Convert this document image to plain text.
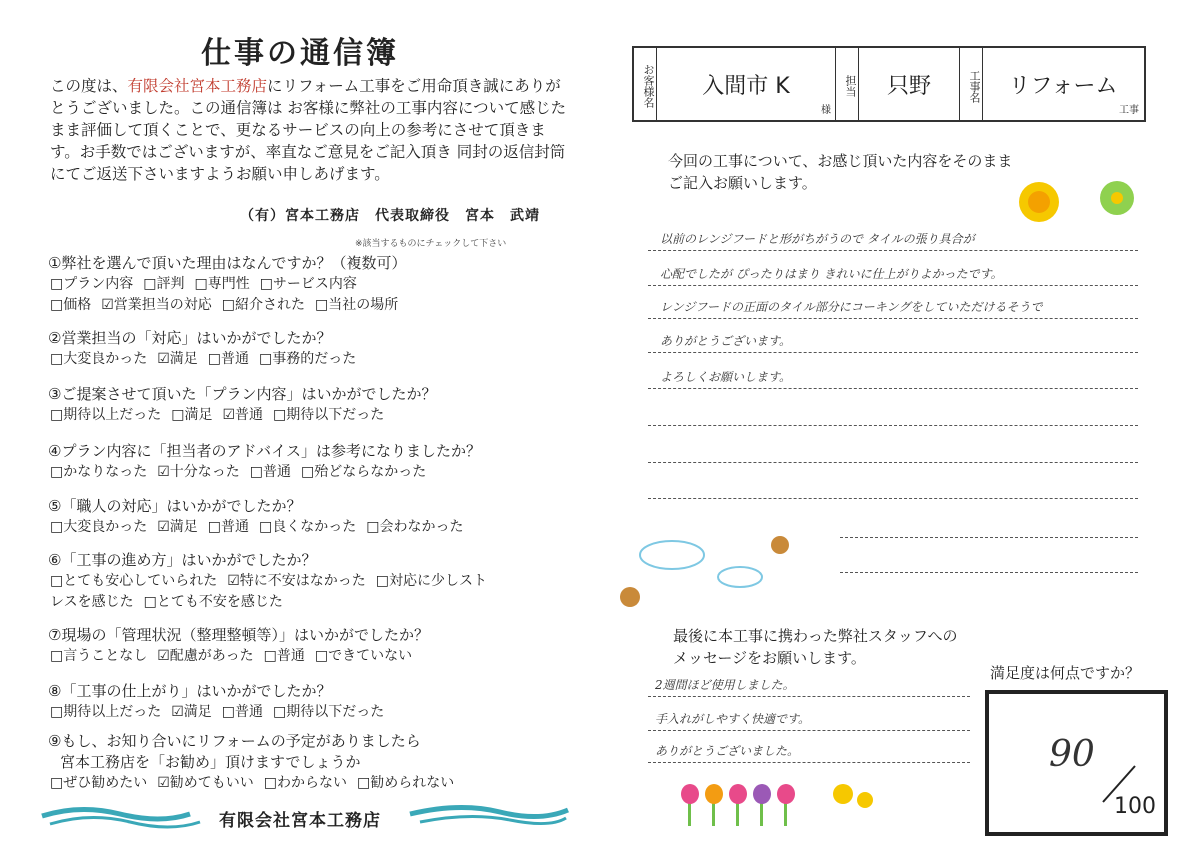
仕事の通信簿
この度は、有限会社宮本工務店にリフォーム工事をご用命頂き誠にありがとうございました。この通信簿は お客様に弊社の工事内容について感じたまま評価して頂くことで、更なるサービスの向上の参考にさせて頂きます。お手数ではございますが、率直なご意見をご記入頂き 同封の返信封筒にてご返送下さいますようお願い申しあげます。
（有）宮本工務店　代表取締役　宮本　武靖
※該当するものにチェックして下さい
①弊社を選んで頂いた理由はなんですか？（複数可）
□プラン内容 □評判 □専門性 □サービス内容
□価格 ☑営業担当の対応 □紹介された □当社の場所
②営業担当の「対応」はいかがでしたか？
□大変良かった ☑満足 □普通 □事務的だった
③ご提案させて頂いた「プラン内容」はいかがでしたか？
□期待以上だった □満足 ☑普通 □期待以下だった
④プラン内容に「担当者のアドバイス」は参考になりましたか？
□かなりなった ☑十分なった □普通 □殆どならなかった
⑤「職人の対応」はいかがでしたか？
□大変良かった ☑満足 □普通 □良くなかった □会わなかった
⑥「工事の進め方」はいかがでしたか？
□とても安心していられた ☑特に不安はなかった □対応に少しスト
レスを感じた □とても不安を感じた
⑦現場の「管理状況（整理整頓等）」はいかがでしたか？
□言うことなし ☑配慮があった □普通 □できていない
⑧「工事の仕上がり」はいかがでしたか？
□期待以上だった ☑満足 □普通 □期待以下だった
⑨もし、お知り合いにリフォームの予定がありましたら
宮本工務店を「お勧め」頂けますでしょうか
□ぜひ勧めたい ☑勧めてもいい □わからない □勧められない
有限会社宮本工務店
お客様名 入間市 K
様
担当 只野	工事名 リフォーム
工事
今回の工事について、お感じ頂いた内容をそのまま
ご記入お願いします。
以前のレンジフードと形がちがうので タイルの張り具合が
心配でしたが ぴったりはまり きれいに仕上がりよかったです。
レンジフードの正面のタイル部分にコーキングをしていただけるそうで
ありがとうございます。
よろしくお願いします。
最後に本工事に携わった弊社スタッフへの
メッセージをお願いします。
2週間ほど使用しました。
手入れがしやすく快適です。
ありがとうございました。
満足度は何点ですか？
90
100
